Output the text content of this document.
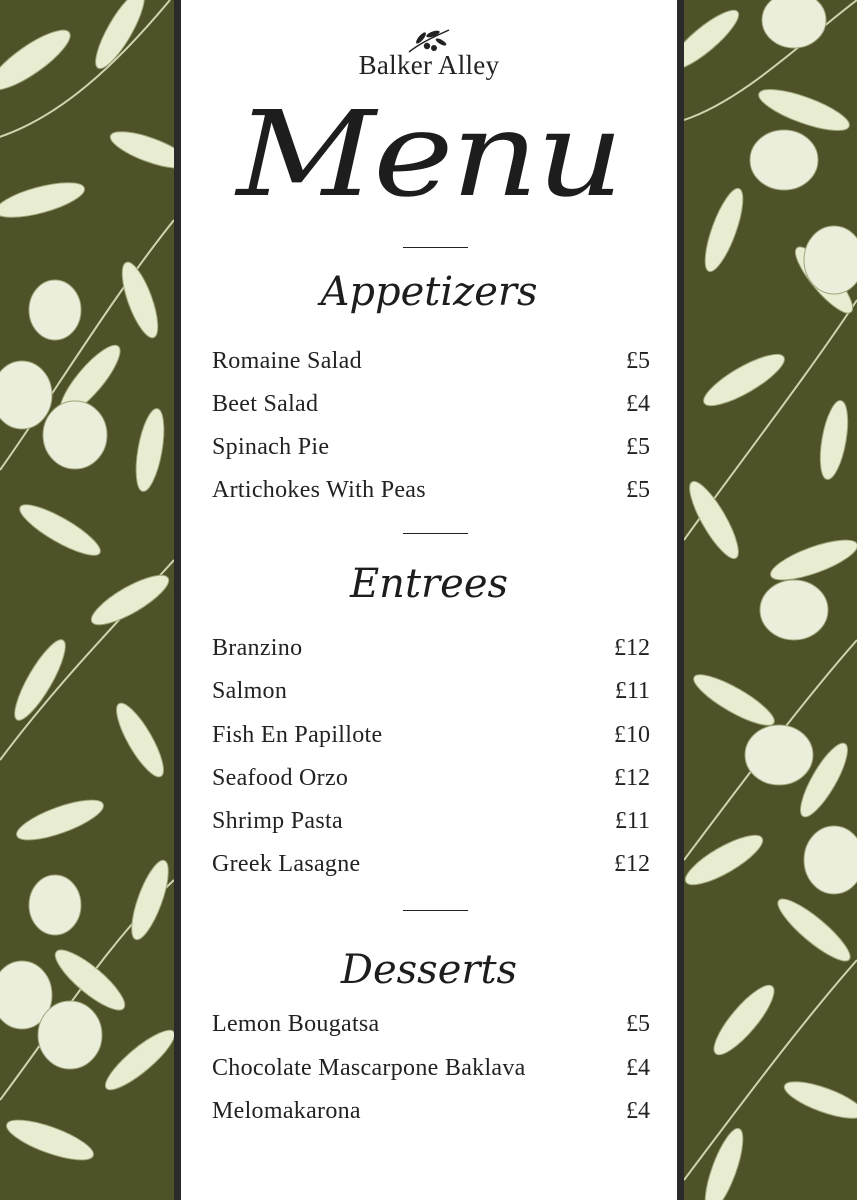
Balker Alley
Menu
Appetizers
Romaine Salad	£5
Beet Salad	£4
Spinach Pie	£5
Artichokes With Peas	£5
Entrees
Branzino	£12
Salmon	£11
Fish En Papillote	£10
Seafood Orzo	£12
Shrimp Pasta	£11
Greek Lasagne	£12
Desserts
Lemon Bougatsa	£5
Chocolate Mascarpone Baklava	£4
Melomakarona	£4
